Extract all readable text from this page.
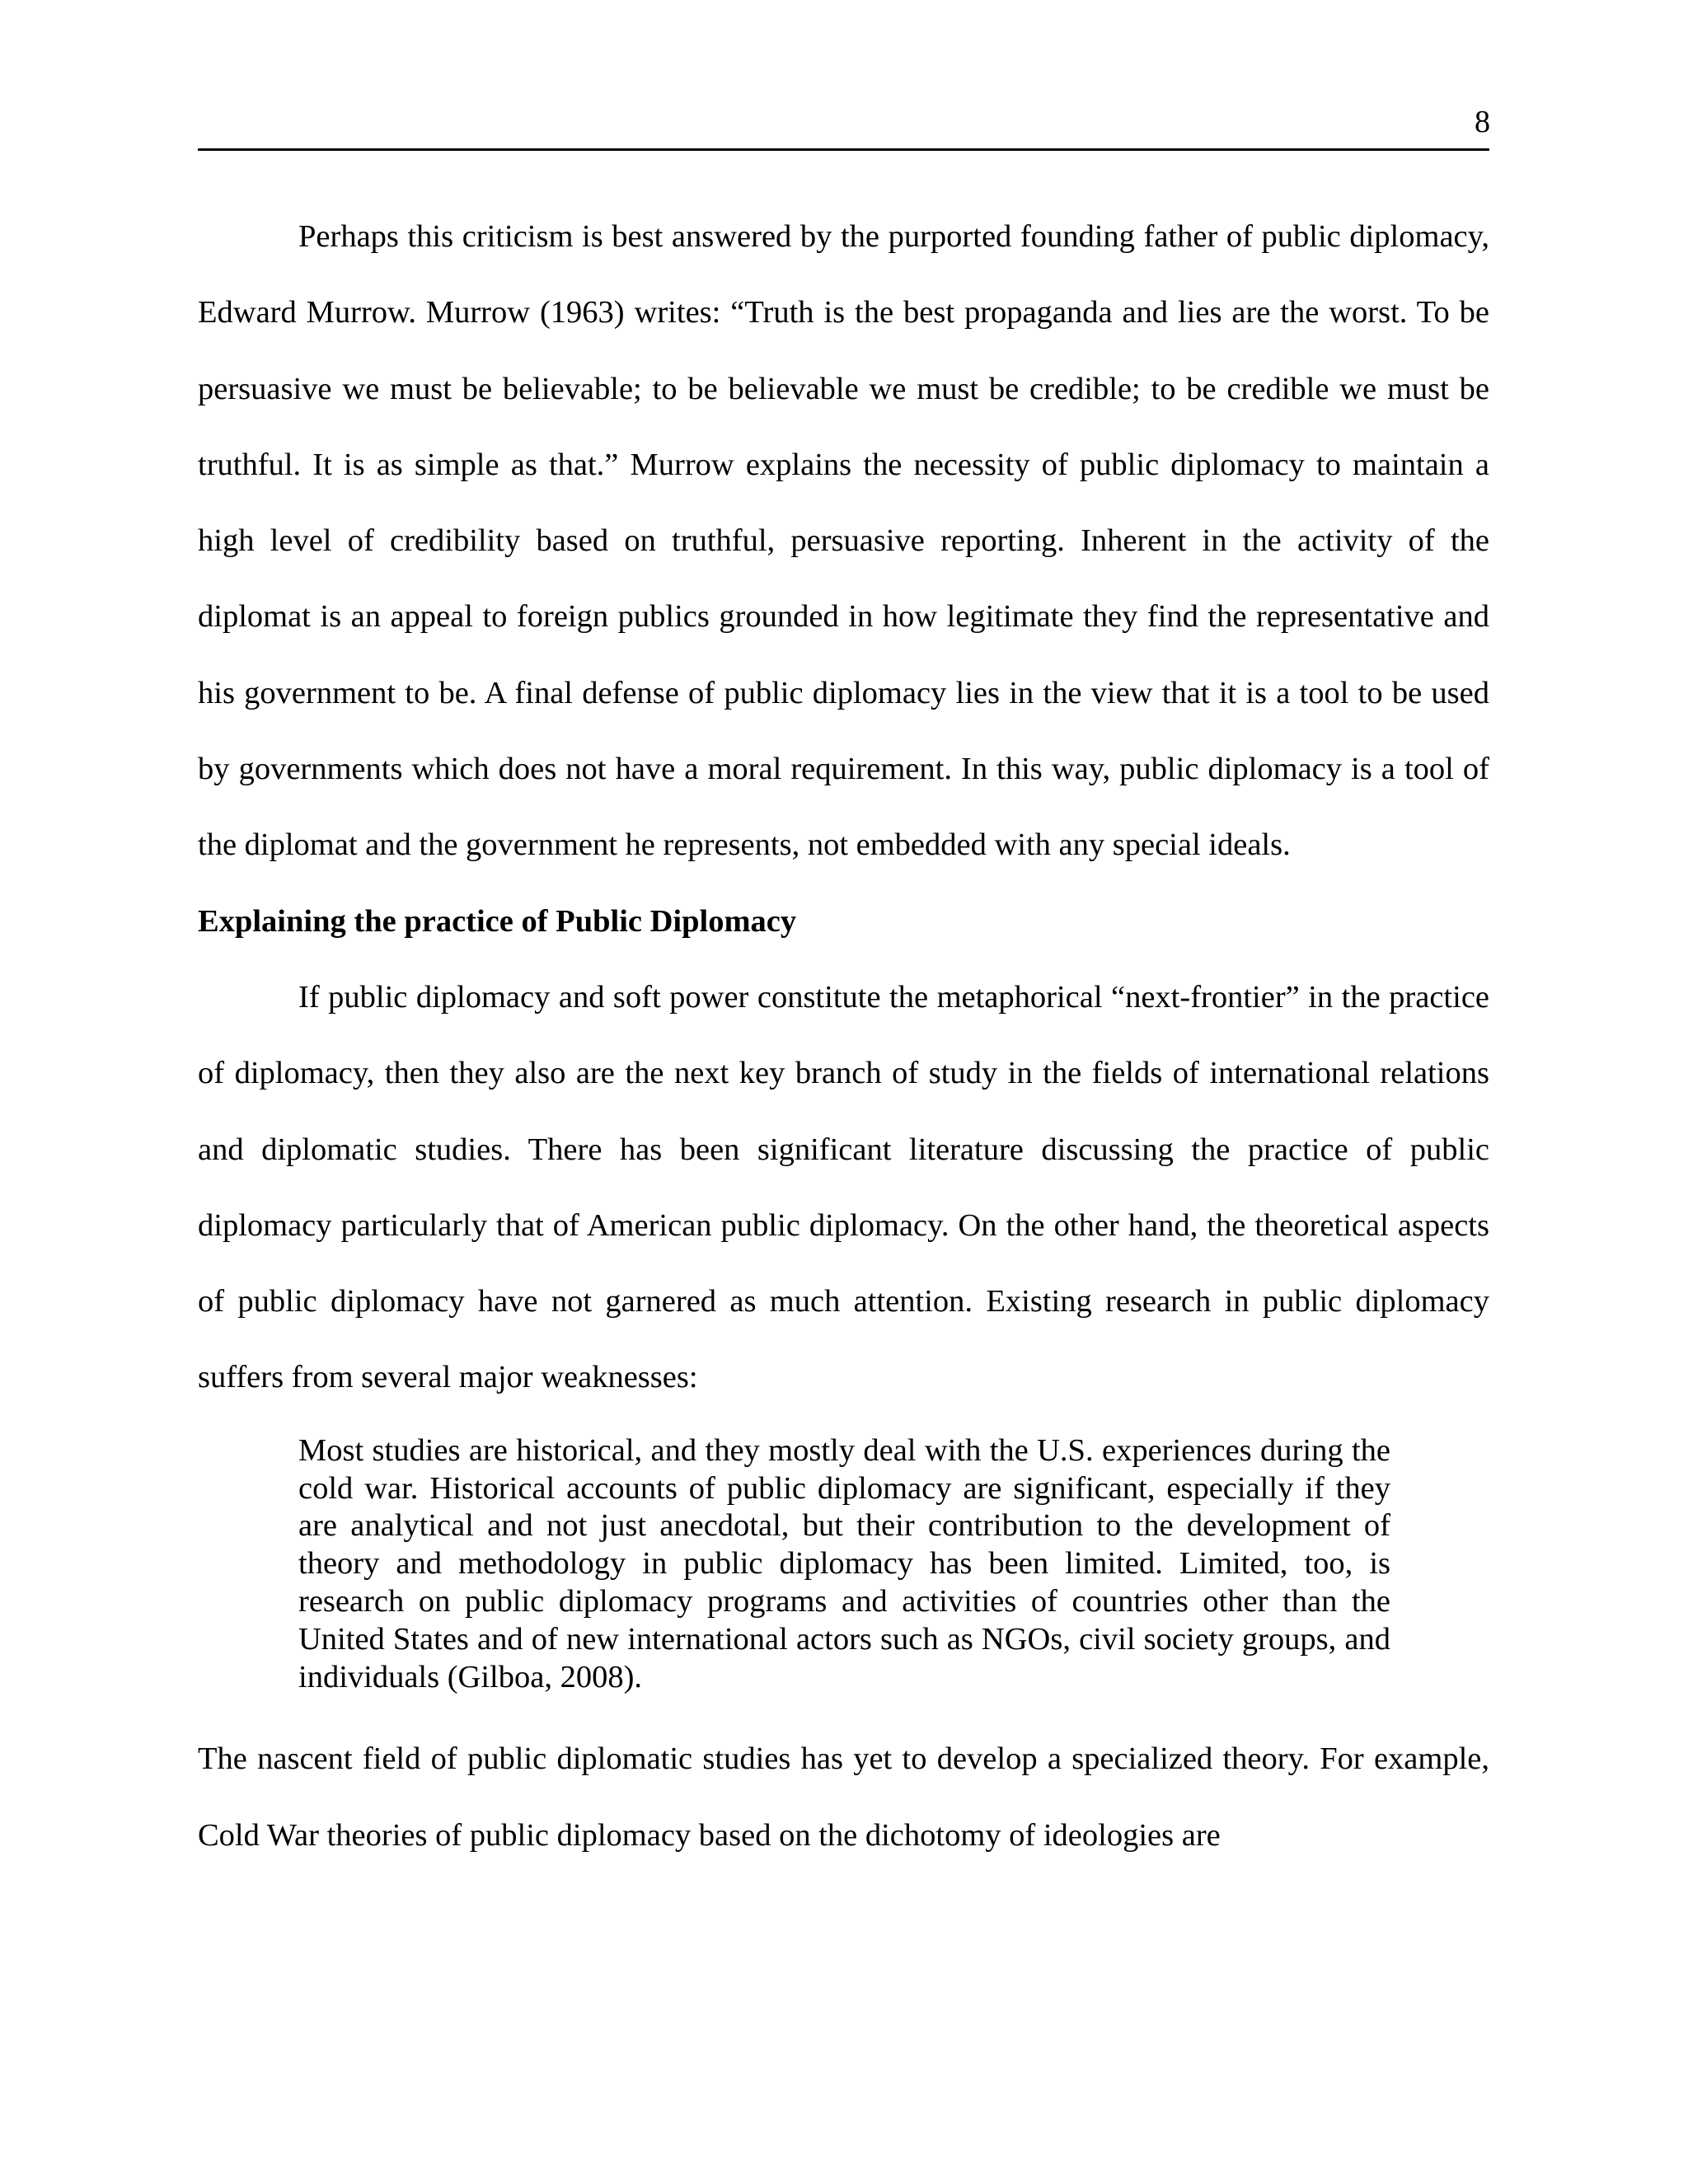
8

Perhaps this criticism is best answered by the purported founding father of public diplomacy, Edward Murrow. Murrow (1963) writes: “Truth is the best propaganda and lies are the worst. To be persuasive we must be believable; to be believable we must be credible; to be credible we must be truthful. It is as simple as that.” Murrow explains the necessity of public diplomacy to maintain a high level of credibility based on truthful, persuasive reporting. Inherent in the activity of the diplomat is an appeal to foreign publics grounded in how legitimate they find the representative and his government to be. A final defense of public diplomacy lies in the view that it is a tool to be used by governments which does not have a moral requirement. In this way, public diplomacy is a tool of the diplomat and the government he represents, not embedded with any special ideals.

Explaining the practice of Public Diplomacy

If public diplomacy and soft power constitute the metaphorical “next-frontier” in the practice of diplomacy, then they also are the next key branch of study in the fields of international relations and diplomatic studies. There has been significant literature discussing the practice of public diplomacy particularly that of American public diplomacy. On the other hand, the theoretical aspects of public diplomacy have not garnered as much attention. Existing research in public diplomacy suffers from several major weaknesses:

Most studies are historical, and they mostly deal with the U.S. experiences during the cold war. Historical accounts of public diplomacy are significant, especially if they are analytical and not just anecdotal, but their contribution to the development of theory and methodology in public diplomacy has been limited. Limited, too, is research on public diplomacy programs and activities of countries other than the United States and of new international actors such as NGOs, civil society groups, and individuals (Gilboa, 2008).

The nascent field of public diplomatic studies has yet to develop a specialized theory. For example, Cold War theories of public diplomacy based on the dichotomy of ideologies are
